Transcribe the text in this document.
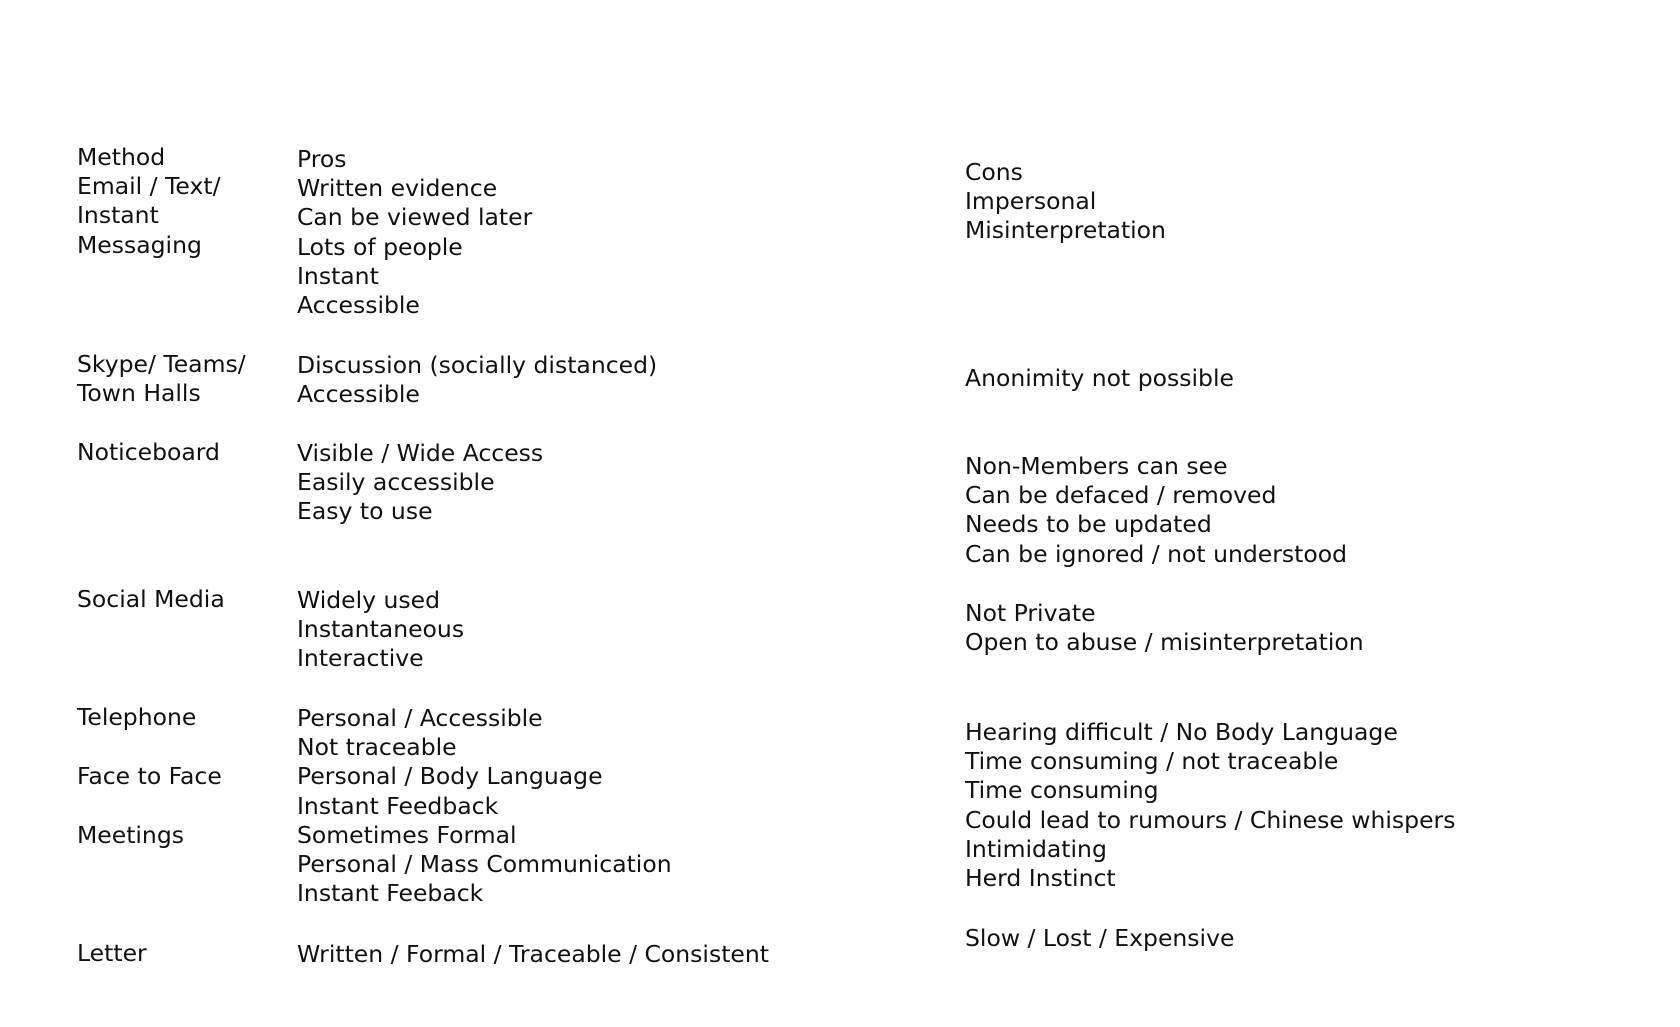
Method
Email / Text/
Instant
Messaging
Skype/ Teams/
Town Halls
Noticeboard
Social Media
Telephone
Face to Face
Meetings
Letter
Pros
Written evidence
Can be viewed later
Lots of people
Instant
Accessible
Discussion (socially distanced)
Accessible
Visible / Wide Access
Easily accessible
Easy to use
Widely used
Instantaneous
Interactive
Personal / Accessible
Not traceable
Personal / Body Language
Instant Feedback
Sometimes Formal
Personal / Mass Communication
Instant Feeback
Written / Formal / Traceable / Consistent
Cons
Impersonal
Misinterpretation
Anonimity not possible
Non-Members can see
Can be defaced / removed
Needs to be updated
Can be ignored / not understood
Not Private
Open to abuse / misinterpretation
Hearing difficult / No Body Language
Time consuming / not traceable
Time consuming
Could lead to rumours / Chinese whispers
Intimidating
Herd Instinct
Slow / Lost / Expensive
